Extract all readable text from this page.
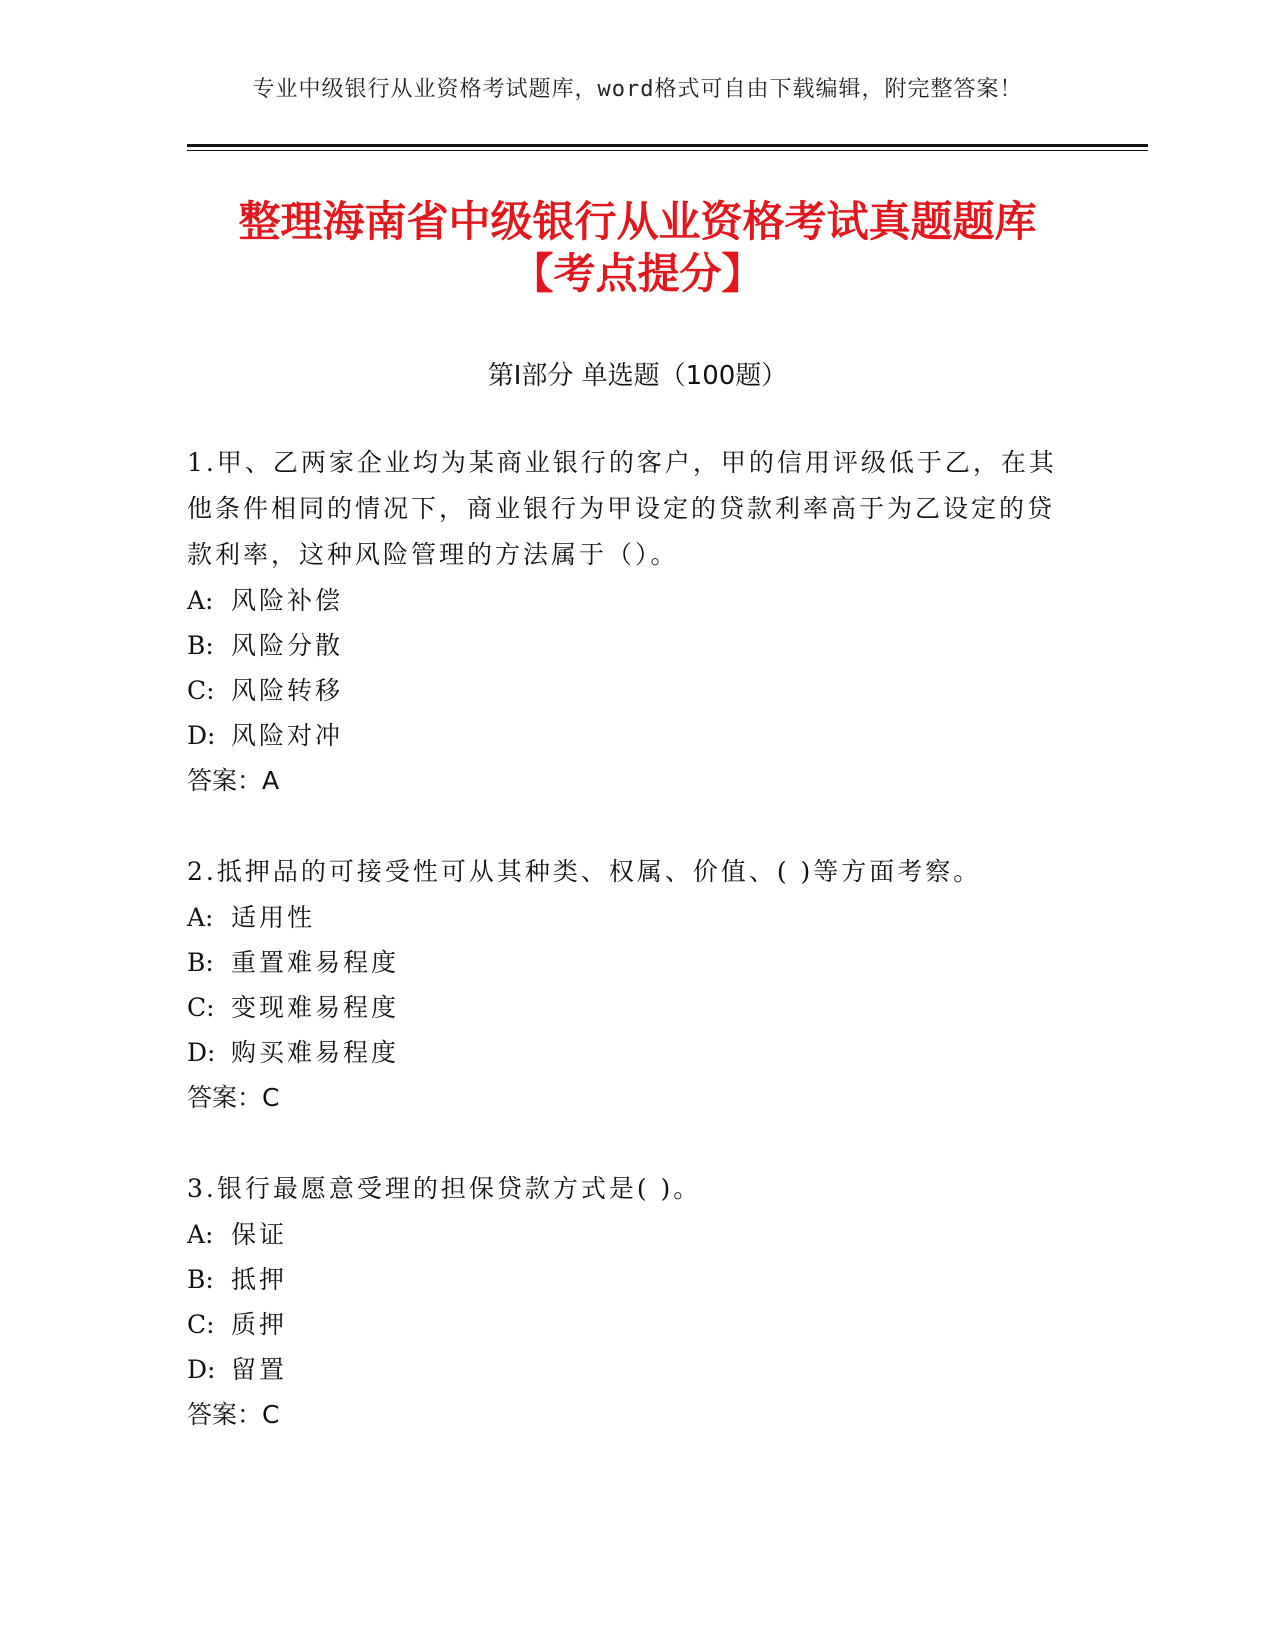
专业中级银行从业资格考试题库，word格式可自由下载编辑，附完整答案！
整理海南省中级银行从业资格考试真题题库
【考点提分】
第Ⅰ部分 单选题（100题）

1.甲、乙两家企业均为某商业银行的客户，甲的信用评级低于乙，在其他条件相同的情况下，商业银行为甲设定的贷款利率高于为乙设定的贷款利率，这种风险管理的方法属于（）。

A: 风险补偿

B: 风险分散

C: 风险转移

D: 风险对冲

答案：A

2.抵押品的可接受性可从其种类、权属、价值、( )等方面考察。

A: 适用性

B: 重置难易程度

C: 变现难易程度

D: 购买难易程度

答案：C

3.银行最愿意受理的担保贷款方式是( )。

A: 保证

B: 抵押

C: 质押

D: 留置

答案：C
